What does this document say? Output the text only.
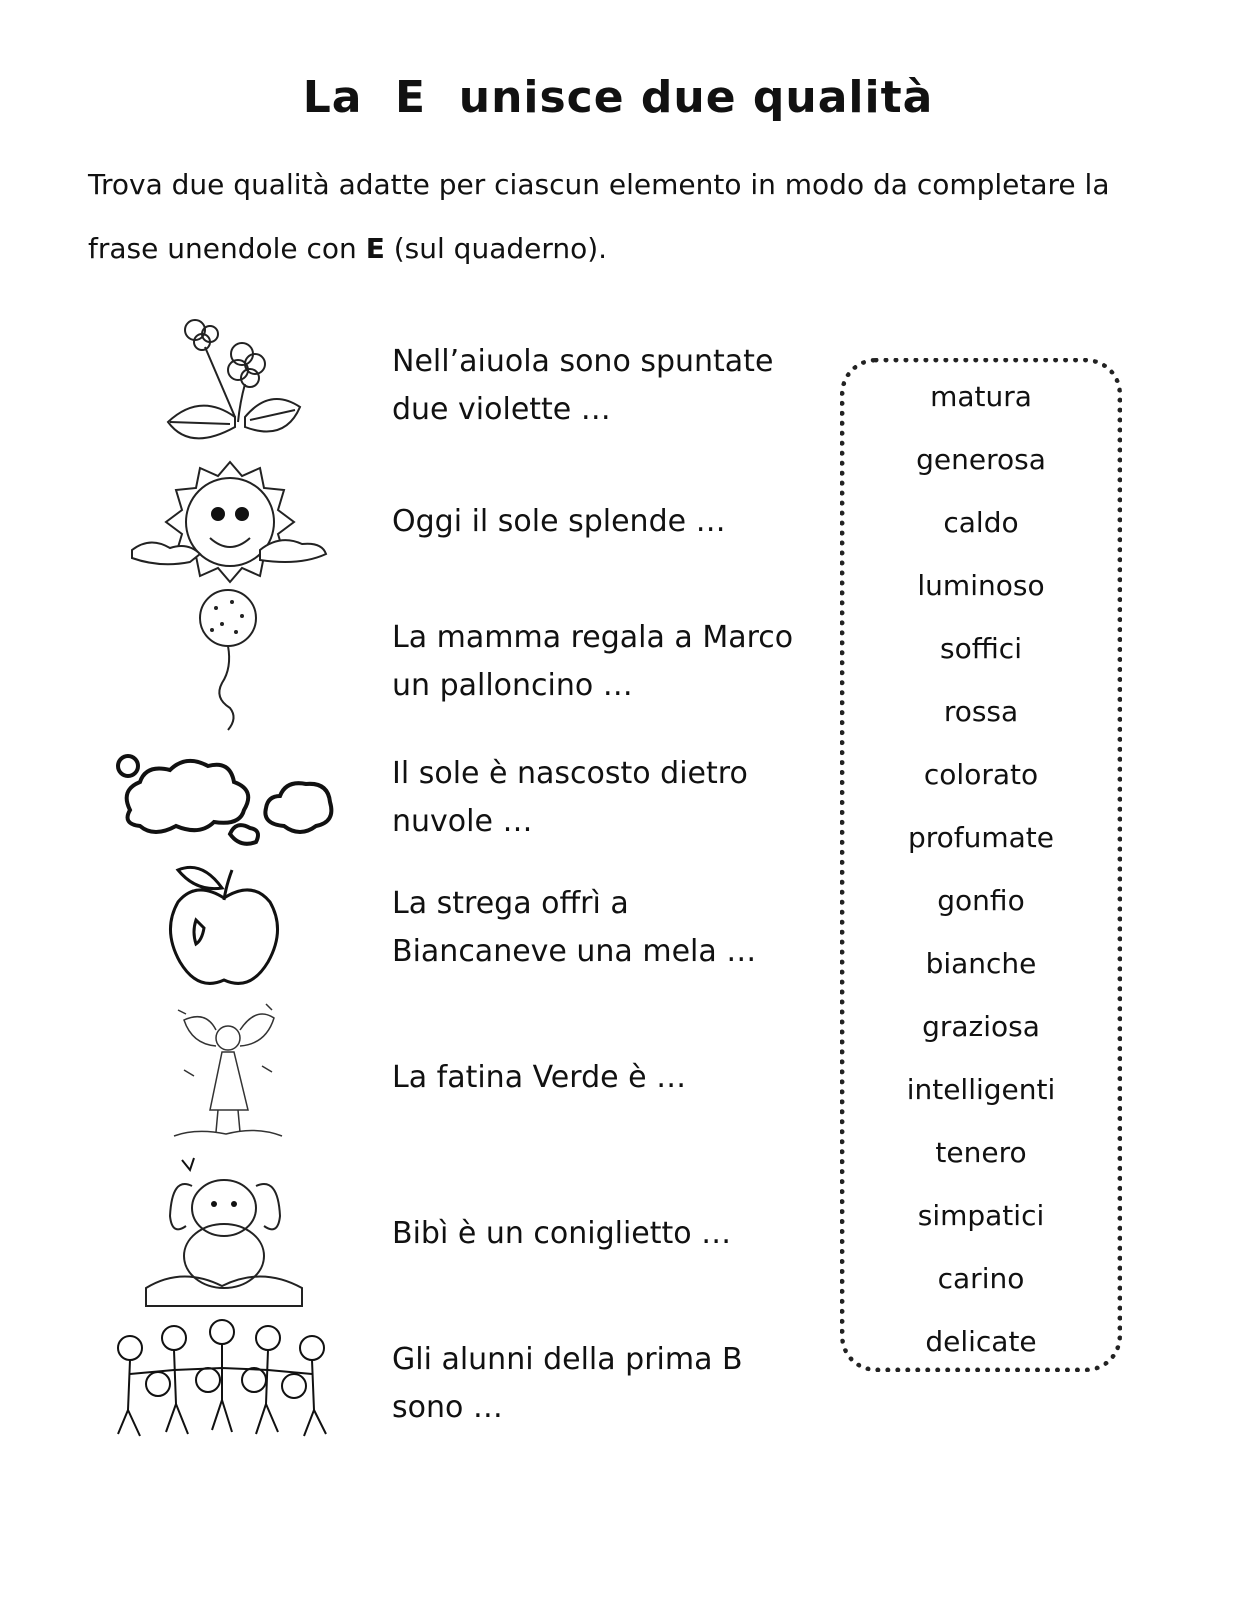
La  E  unisce due qualità
Trova due qualità adatte per ciascun elemento in modo da completare la
frase unendole con E (sul quaderno).
Nell’aiuola sono spuntate
due violette …
Oggi il sole splende …
La mamma regala a Marco
un palloncino …
Il sole è nascosto dietro
nuvole …
La strega offrì a
Biancaneve una mela …
La fatina Verde è …
Bibì è un coniglietto …
Gli alunni della prima B
sono …
matura
generosa
caldo
luminoso
soffici
rossa
colorato
profumate
gonfio
bianche
graziosa
intelligenti
tenero
simpatici
carino
delicate
